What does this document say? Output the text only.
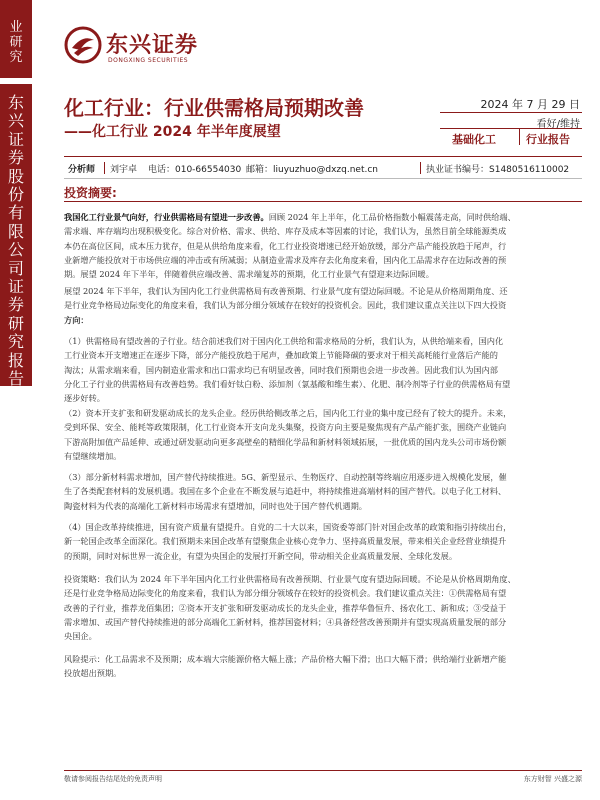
业
研
究
东
兴
证
券
股
份
有
限
公
司
证
券
研
究
报
告
东兴证券
DONGXING SECURITIES
化工行业：行业供需格局预期改善
——化工行业 2024 年半年度展望
2024 年 7 月 29 日
看好/维持
基础化工	行业报告
分析师 刘宇卓 电话：010-66554030 邮箱：liuyuzhuo@dxzq.net.cn	执业证书编号：S1480516110002
投资摘要:
我国化工行业景气向好，行业供需格局有望进一步改善。回顾 2024 年上半年，化工品价格指数小幅震荡走高，同时供给端、
需求端、库存端均出现积极变化。综合对价格、需求、供给、库存及成本等因素的讨论，我们认为，虽然目前全球能源类成
本仍在高位区间，成本压力犹存，但是从供给角度来看，化工行业投资增速已经开始放缓，部分产品产能投放趋于尾声，行
业新增产能投放对于市场供应端的冲击或有所减弱；从制造业需求及库存去化角度来看，国内化工品需求存在边际改善的预
期。展望 2024 年下半年，伴随着供应端改善、需求端复苏的预期，化工行业景气有望迎来边际回暖。
展望 2024 年下半年，我们认为国内化工行业供需格局有改善预期、行业景气度有望边际回暖。不论是从价格周期角度、还
是行业竞争格局边际变化的角度来看，我们认为部分细分领域存在较好的投资机会。因此，我们建议重点关注以下四大投资
方向：
（1）供需格局有望改善的子行业。结合前述我们对于国内化工供给和需求格局的分析，我们认为，从供给端来看，国内化
工行业资本开支增速正在逐步下降，部分产能投放趋于尾声，叠加政策上节能降碳的要求对于相关高耗能行业落后产能的
淘汰；从需求端来看，国内制造业需求和出口需求均已有明显改善，同时我们预期也会进一步改善。因此我们认为国内部
分化工子行业的供需格局有改善趋势。我们看好钛白粉、添加剂（氯基酸和维生素）、化肥、制冷剂等子行业的供需格局有望
逐步好转。
（2）资本开支扩张和研发驱动成长的龙头企业。经历供给侧改革之后，国内化工行业的集中度已经有了较大的提升。未来，
受到环保、安全、能耗等政策限制，化工行业资本开支向龙头集聚，投资方向主要是聚焦现有产品产能扩张，围绕产业链向
下游高附加值产品延伸、或通过研发驱动向更多高壁垒的精细化学品和新材料领域拓展，一批优质的国内龙头公司市场份额
有望继续增加。
（3）部分新材料需求增加，国产替代持续推进。5G、新型显示、生物医疗、自动控制等终端应用逐步进入规模化发展，催
生了各类配套材料的发展机遇。我国在多个企业在不断发展与追赶中，将持续推进高端材料的国产替代。以电子化工材料、
陶瓷材料为代表的高端化工新材料市场需求有望增加，同时也处于国产替代机遇期。
（4）国企改革持续推进，国有资产质量有望提升。自党的二十大以来，国资委等部门针对国企改革的政策和指引持续出台，
新一轮国企改革全面深化。我们预期未来国企改革有望聚焦企业核心竞争力、坚持高质量发展，带来相关企业经营业绩提升
的预期，同时对标世界一流企业，有望为央国企的发展打开新空间，带动相关企业高质量发展、全球化发展。
投资策略：我们认为 2024 年下半年国内化工行业供需格局有改善预期、行业景气度有望边际回暖。不论是从价格周期角度、
还是行业竞争格局边际变化的角度来看，我们认为部分细分领域存在较好的投资机会。我们建议重点关注：①供需格局有望
改善的子行业，推荐龙佰集团；②资本开支扩张和研发驱动成长的龙头企业，推荐华鲁恒升、扬农化工、新和成；③受益于
需求增加、或国产替代持续推进的部分高端化工新材料，推荐国瓷材料；④具备经营改善预期并有望实现高质量发展的部分
央国企。
风险提示：化工品需求不及预期；成本端大宗能源价格大幅上涨；产品价格大幅下滑；出口大幅下滑；供给端行业新增产能
投放超出预期。
敬请参阅报告结尾处的免责声明	东方财智 兴盛之源
